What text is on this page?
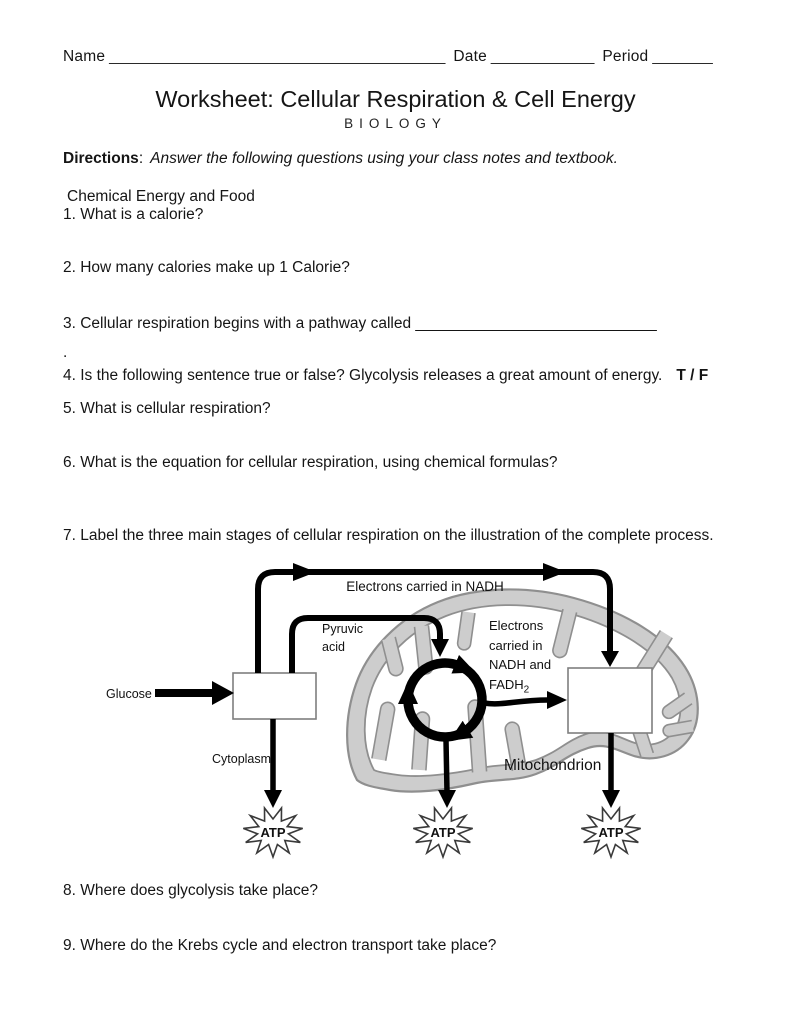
Name _______________________________________ Date ____________ Period _______
Worksheet: Cellular Respiration & Cell Energy
BIOLOGY
Directions: Answer the following questions using your class notes and textbook.
Chemical Energy and Food
1. What is a calorie?
2. How many calories make up 1 Calorie?
3. Cellular respiration begins with a pathway called ____________________________
.
4. Is the following sentence true or false? Glycolysis releases a great amount of energy. T / F
5. What is cellular respiration?
6. What is the equation for cellular respiration, using chemical formulas?
7. Label the three main stages of cellular respiration on the illustration of the complete process.
8. Where does glycolysis take place?
9. Where do the Krebs cycle and electron transport take place?
Electrons carried in NADH
Pyruvic
acid
Electrons
carried in
NADH and
$FADH_2$
Glucose
Cytoplasm	Mitochondrion
ATP	ATP	ATP
